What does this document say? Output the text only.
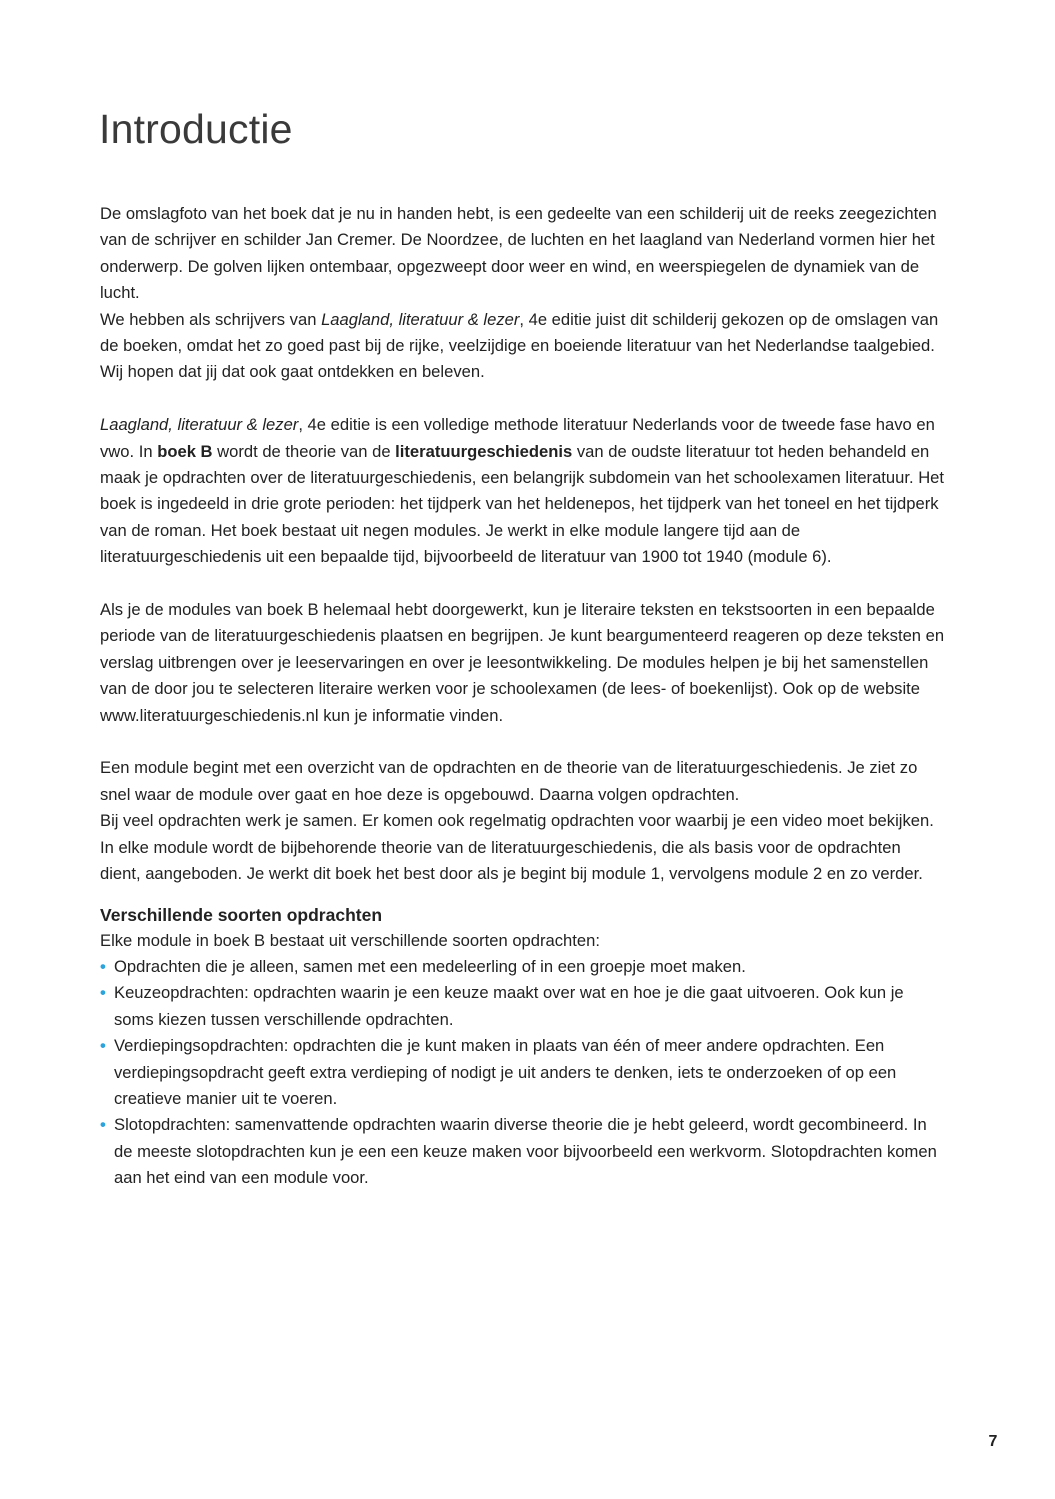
Introductie

De omslagfoto van het boek dat je nu in handen hebt, is een gedeelte van een schilderij uit de reeks zeegezichten van de schrijver en schilder Jan Cremer. De Noordzee, de luchten en het laagland van Nederland vormen hier het onderwerp. De golven lijken ontembaar, opgezweept door weer en wind, en weerspiegelen de dynamiek van de lucht.

We hebben als schrijvers van Laagland, literatuur & lezer, 4e editie juist dit schilderij gekozen op de omslagen van de boeken, omdat het zo goed past bij de rijke, veelzijdige en boeiende literatuur van het Nederlandse taalgebied. Wij hopen dat jij dat ook gaat ontdekken en beleven.

Laagland, literatuur & lezer, 4e editie is een volledige methode literatuur Nederlands voor de tweede fase havo en vwo. In boek B wordt de theorie van de literatuurgeschiedenis van de oudste literatuur tot heden behandeld en maak je opdrachten over de literatuurgeschiedenis, een belangrijk subdomein van het schoolexamen literatuur. Het boek is ingedeeld in drie grote perioden: het tijdperk van het heldenepos, het tijdperk van het toneel en het tijdperk van de roman. Het boek bestaat uit negen modules. Je werkt in elke module langere tijd aan de literatuurgeschiedenis uit een bepaalde tijd, bijvoorbeeld de literatuur van 1900 tot 1940 (module 6).

Als je de modules van boek B helemaal hebt doorgewerkt, kun je literaire teksten en tekstsoorten in een bepaalde periode van de literatuurgeschiedenis plaatsen en begrijpen. Je kunt beargumenteerd reageren op deze teksten en verslag uitbrengen over je leeservaringen en over je leesontwikkeling. De modules helpen je bij het samenstellen van de door jou te selecteren literaire werken voor je schoolexamen (de lees- of boekenlijst). Ook op de website www.literatuurgeschiedenis.nl kun je informatie vinden.

Een module begint met een overzicht van de opdrachten en de theorie van de literatuurgeschiedenis. Je ziet zo snel waar de module over gaat en hoe deze is opgebouwd. Daarna volgen opdrachten.

Bij veel opdrachten werk je samen. Er komen ook regelmatig opdrachten voor waarbij je een video moet bekijken. In elke module wordt de bijbehorende theorie van de literatuurgeschiedenis, die als basis voor de opdrachten dient, aangeboden. Je werkt dit boek het best door als je begint bij module 1, vervolgens module 2 en zo verder.

Verschillende soorten opdrachten

Elke module in boek B bestaat uit verschillende soorten opdrachten:

• Opdrachten die je alleen, samen met een medeleerling of in een groepje moet maken.
• Keuzeopdrachten: opdrachten waarin je een keuze maakt over wat en hoe je die gaat uitvoeren. Ook kun je soms kiezen tussen verschillende opdrachten.
• Verdiepingsopdrachten: opdrachten die je kunt maken in plaats van één of meer andere opdrachten. Een verdiepingsopdracht geeft extra verdieping of nodigt je uit anders te denken, iets te onderzoeken of op een creatieve manier uit te voeren.
• Slotopdrachten: samenvattende opdrachten waarin diverse theorie die je hebt geleerd, wordt gecombineerd. In de meeste slotopdrachten kun je een een keuze maken voor bijvoorbeeld een werkvorm. Slotopdrachten komen aan het eind van een module voor.
7
